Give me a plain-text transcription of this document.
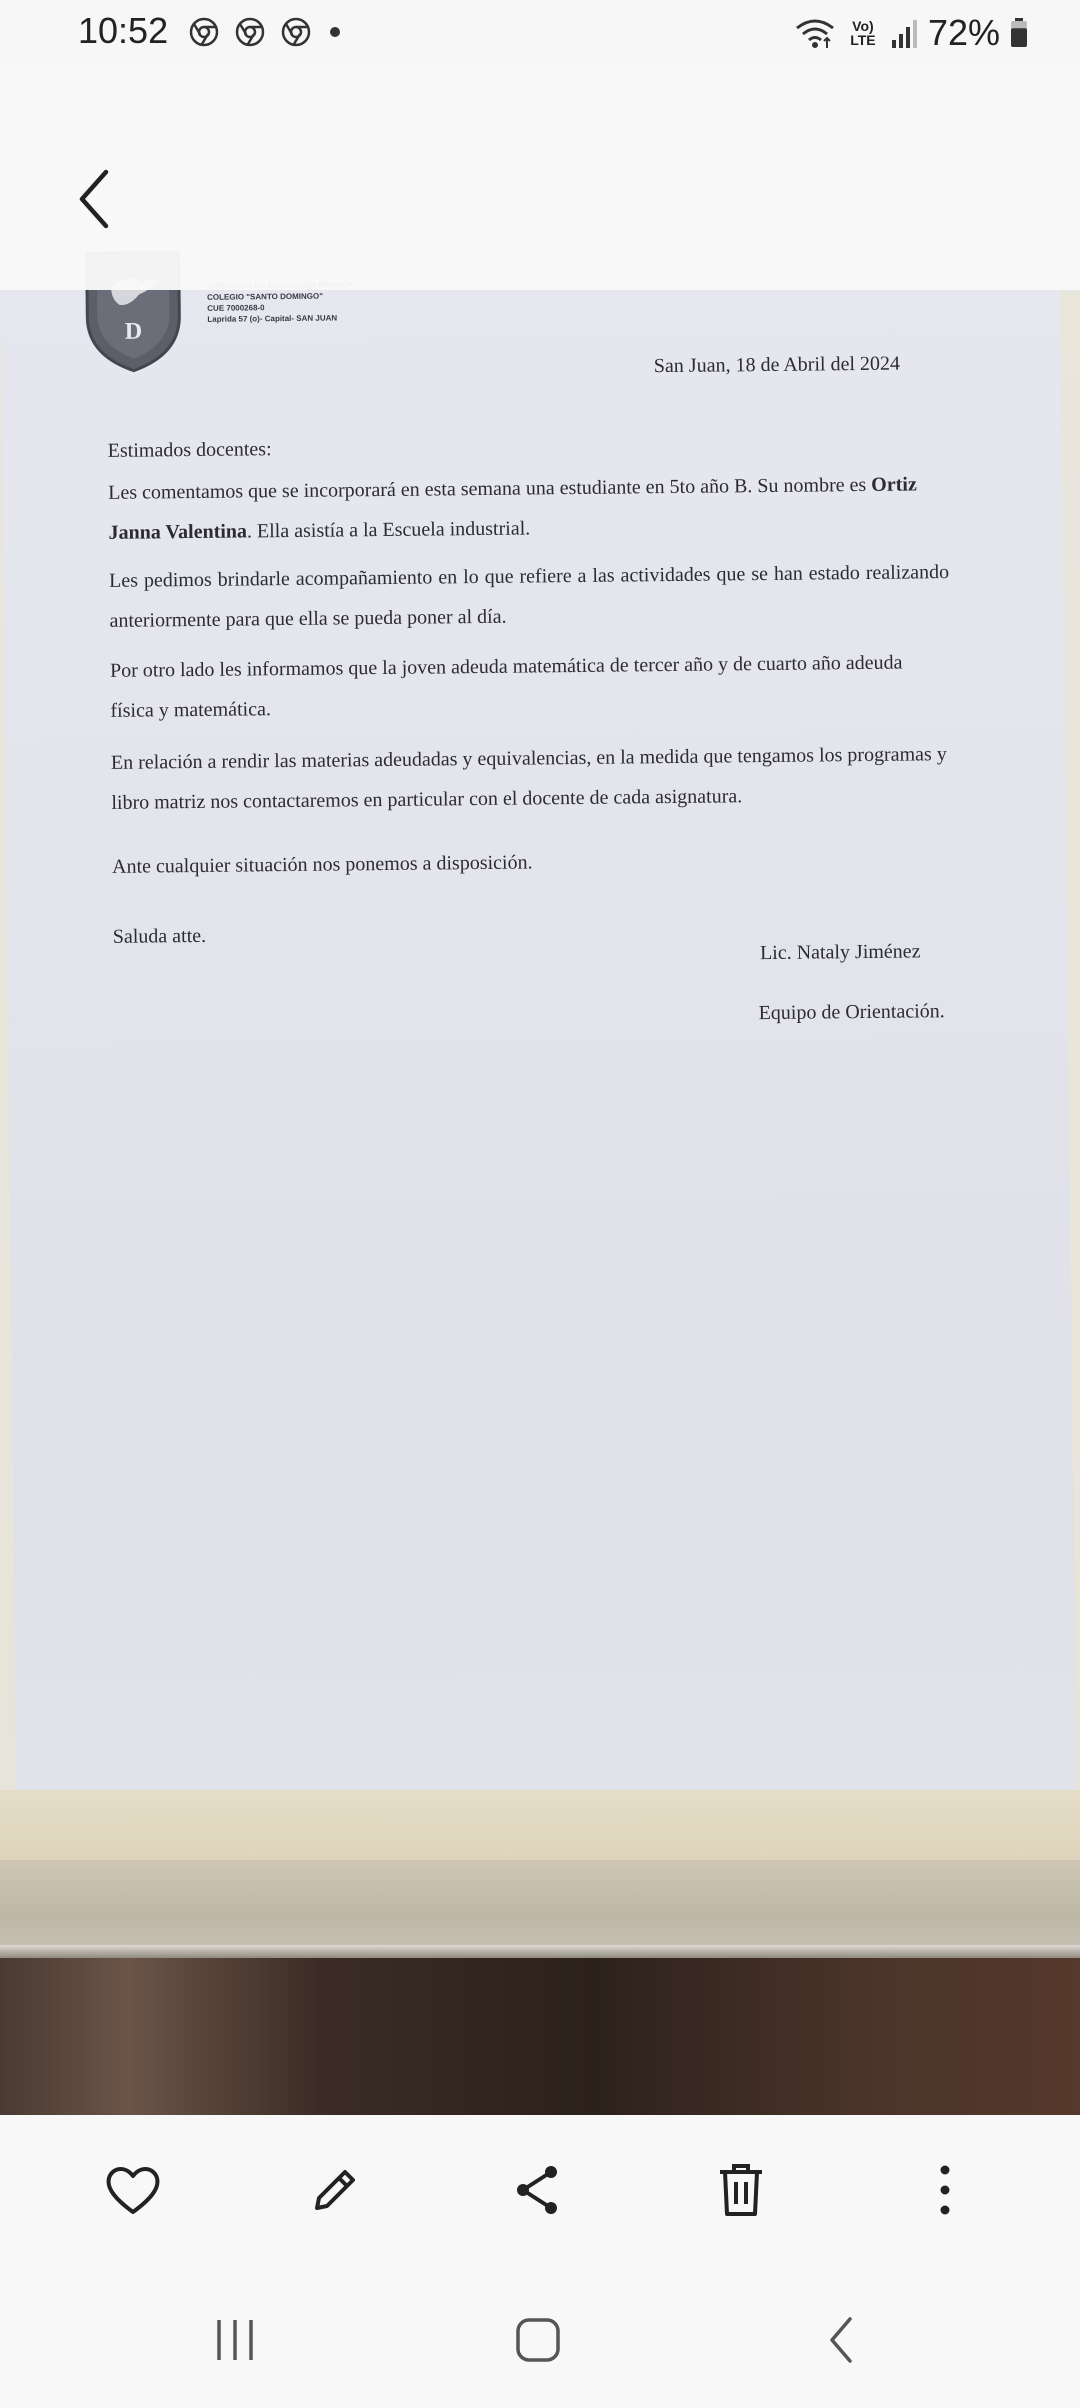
D
COLEGIO "SANTO DOMINGO"
CUE 7000268-0
Laprida 57 (o)- Capital- SAN JUAN
San Juan, 18 de Abril del 2024
Estimados docentes:
Les comentamos que se incorporará en esta semana una estudiante en 5to año B. Su nombre es Ortiz Janna Valentina. Ella asistía a la Escuela industrial.
Les pedimos brindarle acompañamiento en lo que refiere a las actividades que se han estado realizando anteriormente para que ella se pueda poner al día.
Por otro lado les informamos que la joven adeuda matemática de tercer año y de cuarto año adeuda física y matemática.
En relación a rendir las materias adeudadas y equivalencias, en la medida que tengamos los programas y libro matriz nos contactaremos en particular con el docente de cada asignatura.
Ante cualquier situación nos ponemos a disposición.
Saluda atte.
Lic. Nataly Jiménez
Equipo de Orientación.
10:52	Vo) LTE 72%
